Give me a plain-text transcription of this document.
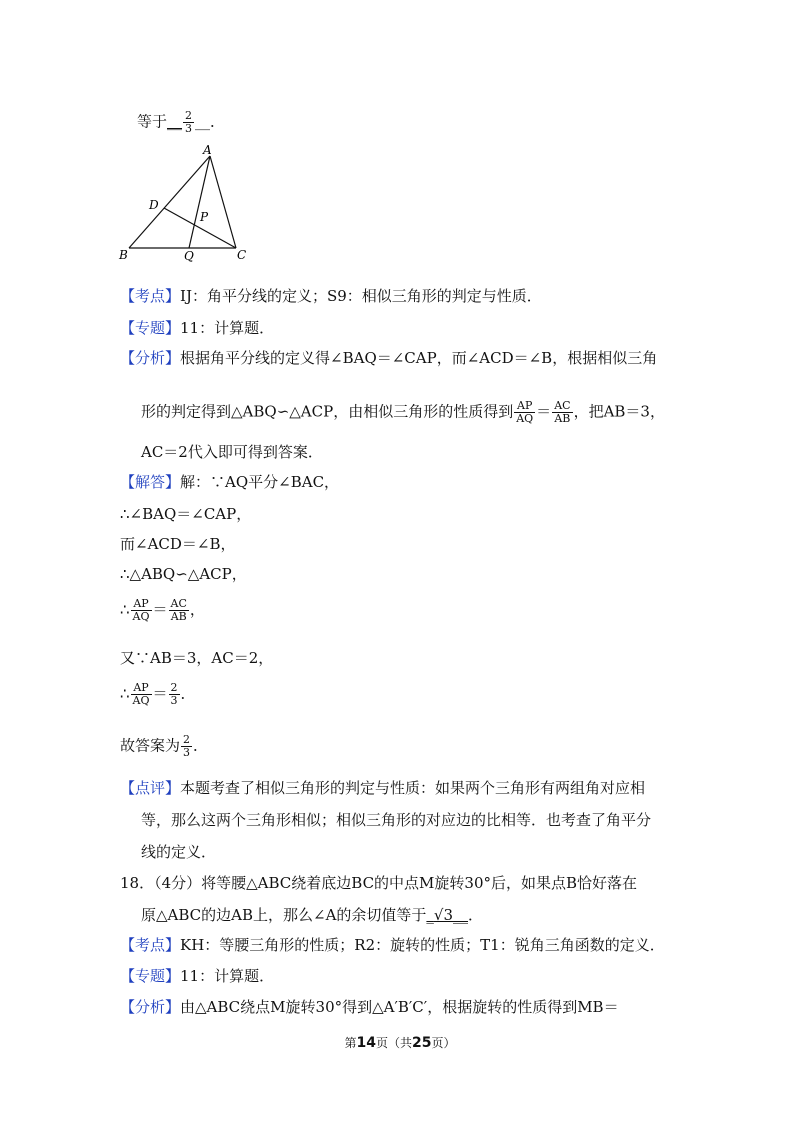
等于__ $\frac{2}{3}$ __．
A
D
P
B	Q	C
【考点】IJ：角平分线的定义；S9：相似三角形的判定与性质．
【专题】11：计算题．
【分析】根据角平分线的定义得∠BAQ＝∠CAP，而∠ACD＝∠B，根据相似三角
形的判定得到△ABQ∽△ACP，由相似三角形的性质得到 $\frac{AP}{AQ} = \frac{AC}{AB}$ ，把AB＝3，
AC＝2代入即可得到答案．
【解答】解：∵AQ平分∠BAC，
∴∠BAQ＝∠CAP，
而∠ACD＝∠B，
∴△ABQ∽△ACP，
∴ $\frac{AP}{AQ} = \frac{AC}{AB}$ ，
又∵AB＝3，AC＝2，
∴ $\frac{AP}{AQ} = \frac{2}{3}$ ．
故答案为 $\frac{2}{3}$ ．
【点评】本题考查了相似三角形的判定与性质：如果两个三角形有两组角对应相
等，那么这两个三角形相似；相似三角形的对应边的比相等．也考查了角平分
线的定义．
18．（4分）将等腰△ABC绕着底边BC的中点M旋转30°后，如果点B恰好落在
原△ABC的边AB上，那么∠A的余切值等于_√3__．
【考点】KH：等腰三角形的性质；R2：旋转的性质；T1：锐角三角函数的定义．
【专题】11：计算题．
【分析】由△ABC绕点M旋转30°得到△A′B′C′，根据旋转的性质得到MB＝
第14页（共25页）
